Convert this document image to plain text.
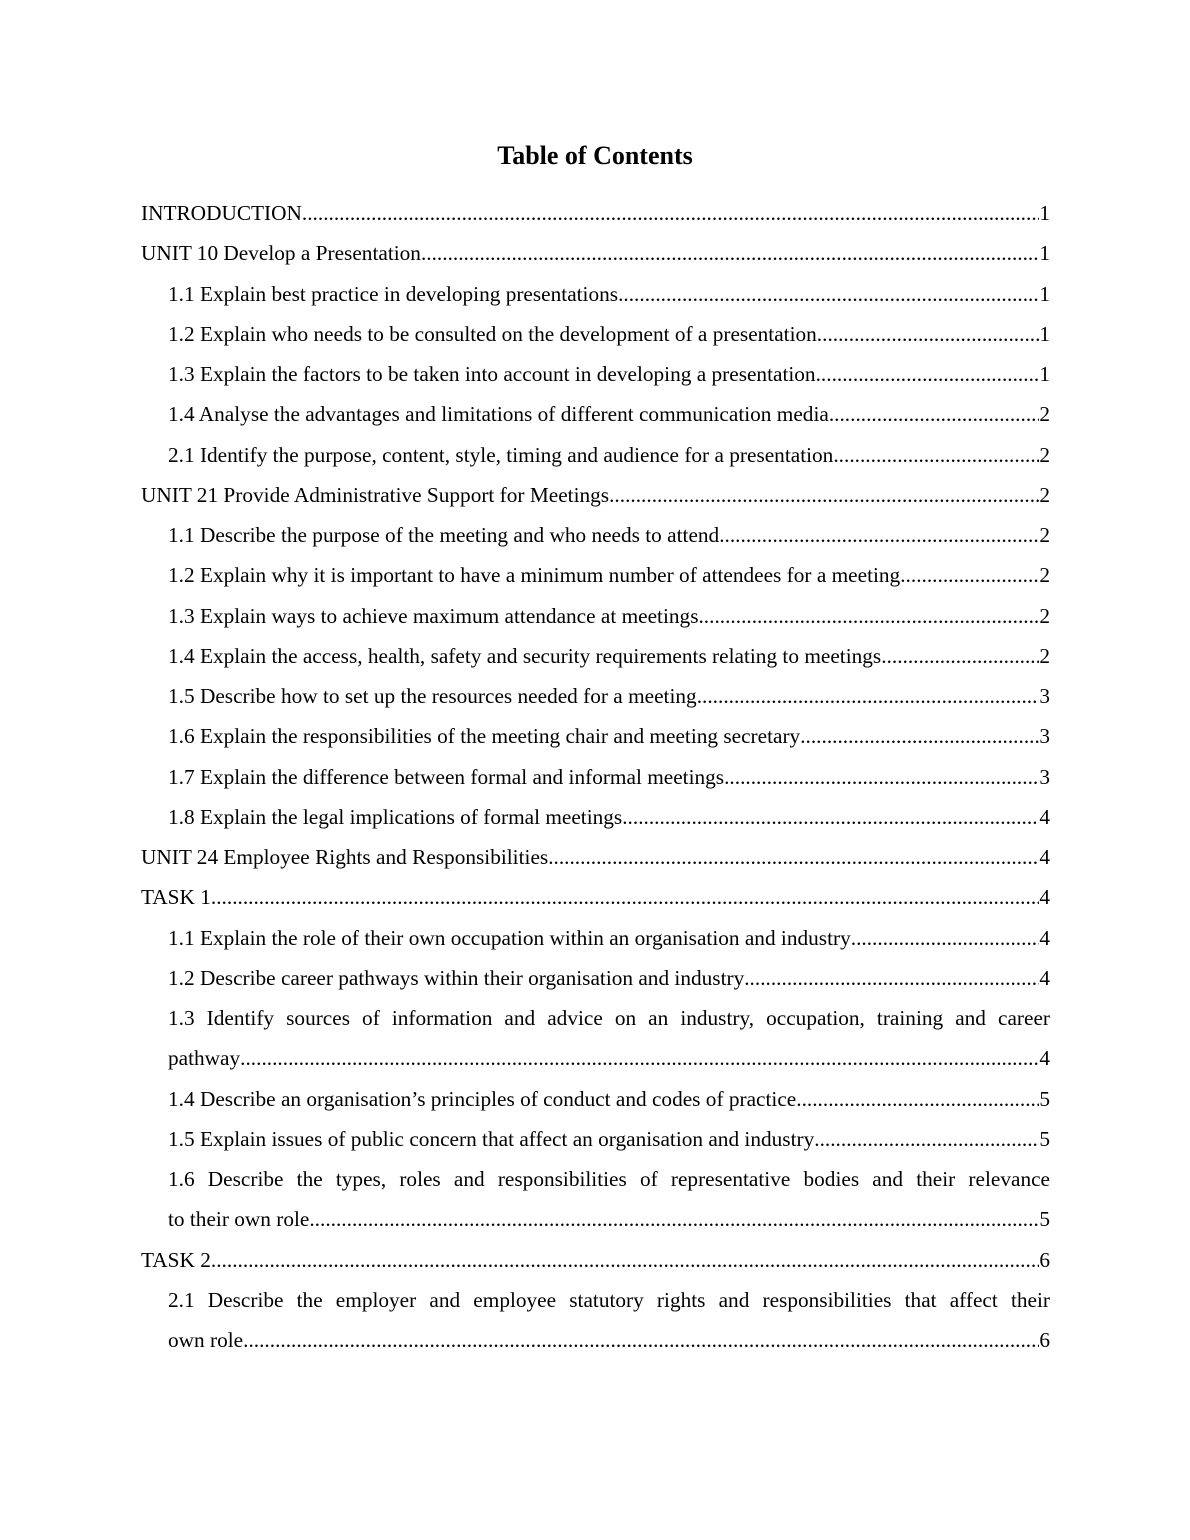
Table of Contents
INTRODUCTION .....	1
UNIT 10 Develop a Presentation .....	1
1.1 Explain best practice in developing presentations .....	1
1.2 Explain who needs to be consulted on the development of a presentation .....	1
1.3 Explain the factors to be taken into account in developing a presentation .....	1
1.4 Analyse the advantages and limitations of different communication media .....	2
2.1 Identify the purpose, content, style, timing and audience for a presentation .....	2
UNIT 21 Provide Administrative Support for Meetings .....	2
1.1 Describe the purpose of the meeting and who needs to attend .....	2
1.2 Explain why it is important to have a minimum number of attendees for a meeting .....	2
1.3 Explain ways to achieve maximum attendance at meetings .....	2
1.4 Explain the access, health, safety and security requirements relating to meetings .....	2
1.5 Describe how to set up the resources needed for a meeting .....	3
1.6 Explain the responsibilities of the meeting chair and meeting secretary .....	3
1.7 Explain the difference between formal and informal meetings .....	3
1.8 Explain the legal implications of formal meetings .....	4
UNIT 24 Employee Rights and Responsibilities .....	4
TASK 1 .....	4
1.1 Explain the role of their own occupation within an organisation and industry .....	4
1.2 Describe career pathways within their organisation and industry .....	4
1.3 Identify sources of information and advice on an industry, occupation, training and career
pathway .....	4
1.4 Describe an organisation’s principles of conduct and codes of practice .....	5
1.5 Explain issues of public concern that affect an organisation and industry .....	5
1.6 Describe the types, roles and responsibilities of representative bodies and their relevance
to their own role .....	5
TASK 2 .....	6
2.1 Describe the employer and employee statutory rights and responsibilities that affect their
own role .....	6
